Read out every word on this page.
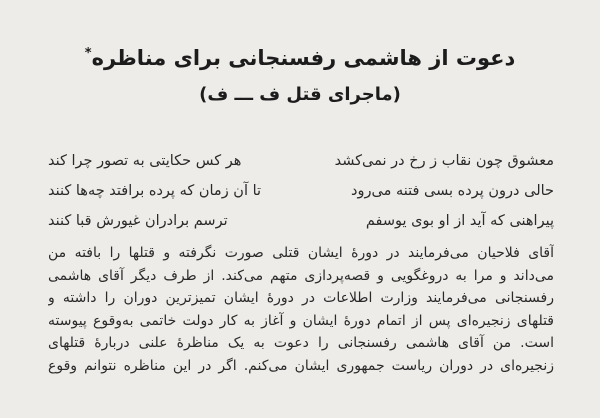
دعوت از هاشمی رفسنجانی برای مناظره*
(ماجرای قتل ف ـــ ف)
معشوق چون نقاب ز رخ در نمی‌کشد
هر کس حکایتی به تصور چرا کند
حالی درون پرده بسی فتنه می‌رود
تا آن زمان که پرده برافتد چه‌ها کنند
پیراهنی که آید از او بوی یوسفم
ترسم برادران غیورش قبا کنند
آقای فلاحیان می‌فرمایند در دورهٔ ایشان قتلی صورت نگرفته و قتلها را بافته من
می‌داند و مرا به دروغگویی و قصه‌پردازی متهم می‌کند. از طرف دیگر آقای هاشمی
رفسنجانی می‌فرمایند وزارت اطلاعات در دورهٔ ایشان تمیزترین دوران را داشته و
قتلهای زنجیره‌ای پس از اتمام دورهٔ ایشان و آغاز به کار دولت خاتمی به‌وقوع پیوسته
است. من آقای هاشمی رفسنجانی را دعوت به یک مناظرهٔ علنی دربارهٔ قتلهای
زنجیره‌ای در دوران ریاست جمهوری ایشان می‌کنم. اگر در این مناظره نتوانم وقوع
